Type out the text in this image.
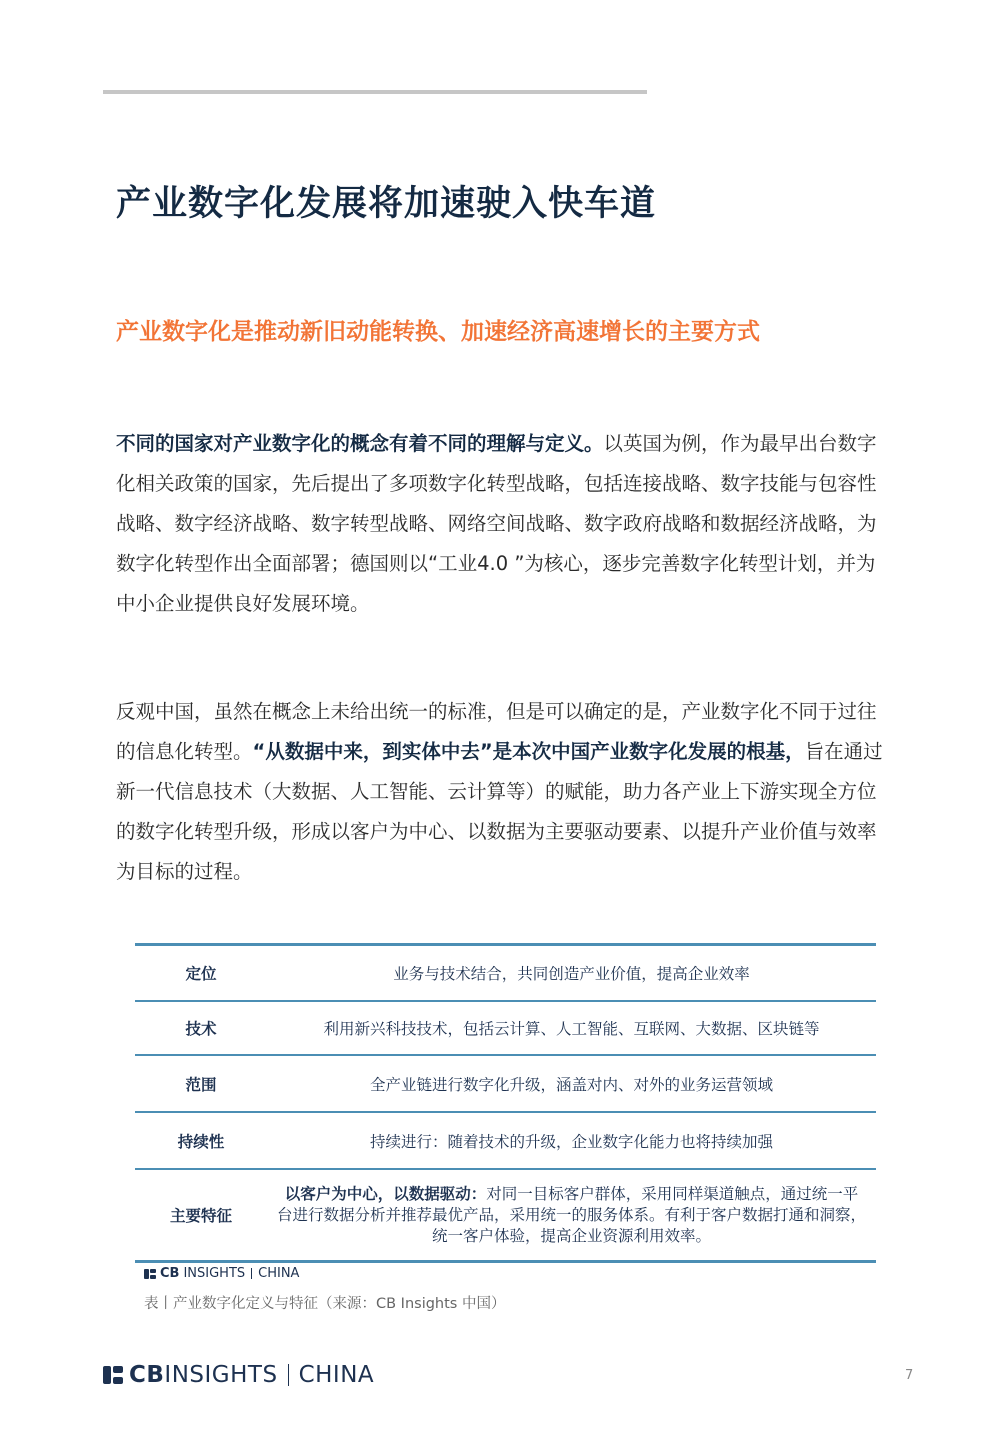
产业数字化发展将加速驶入快车道
产业数字化是推动新旧动能转换、加速经济高速增长的主要方式
不同的国家对产业数字化的概念有着不同的理解与定义。以英国为例，作为最早出台数字化相关政策的国家，先后提出了多项数字化转型战略，包括连接战略、数字技能与包容性战略、数字经济战略、数字转型战略、网络空间战略、数字政府战略和数据经济战略，为数字化转型作出全面部署；德国则以“工业4.0 ”为核心，逐步完善数字化转型计划，并为中小企业提供良好发展环境。
反观中国，虽然在概念上未给出统一的标准，但是可以确定的是，产业数字化不同于过往的信息化转型。“从数据中来，到实体中去”是本次中国产业数字化发展的根基，旨在通过新一代信息技术（大数据、人工智能、云计算等）的赋能，助力各产业上下游实现全方位的数字化转型升级，形成以客户为中心、以数据为主要驱动要素、以提升产业价值与效率为目标的过程。
定位	业务与技术结合，共同创造产业价值，提高企业效率
技术	利用新兴科技技术，包括云计算、人工智能、互联网、大数据、区块链等
范围	全产业链进行数字化升级，涵盖对内、对外的业务运营领域
持续性	持续进行：随着技术的升级，企业数字化能力也将持续加强
主要特征	以客户为中心，以数据驱动：对同一目标客户群体，采用同样渠道触点，通过统一平台进行数据分析并推荐最优产品，采用统一的服务体系。有利于客户数据打通和洞察，统一客户体验，提高企业资源利用效率。
CB INSIGHTS CHINA
表丨产业数字化定义与特征（来源：CB Insights 中国）
CBINSIGHTS CHINA	7
